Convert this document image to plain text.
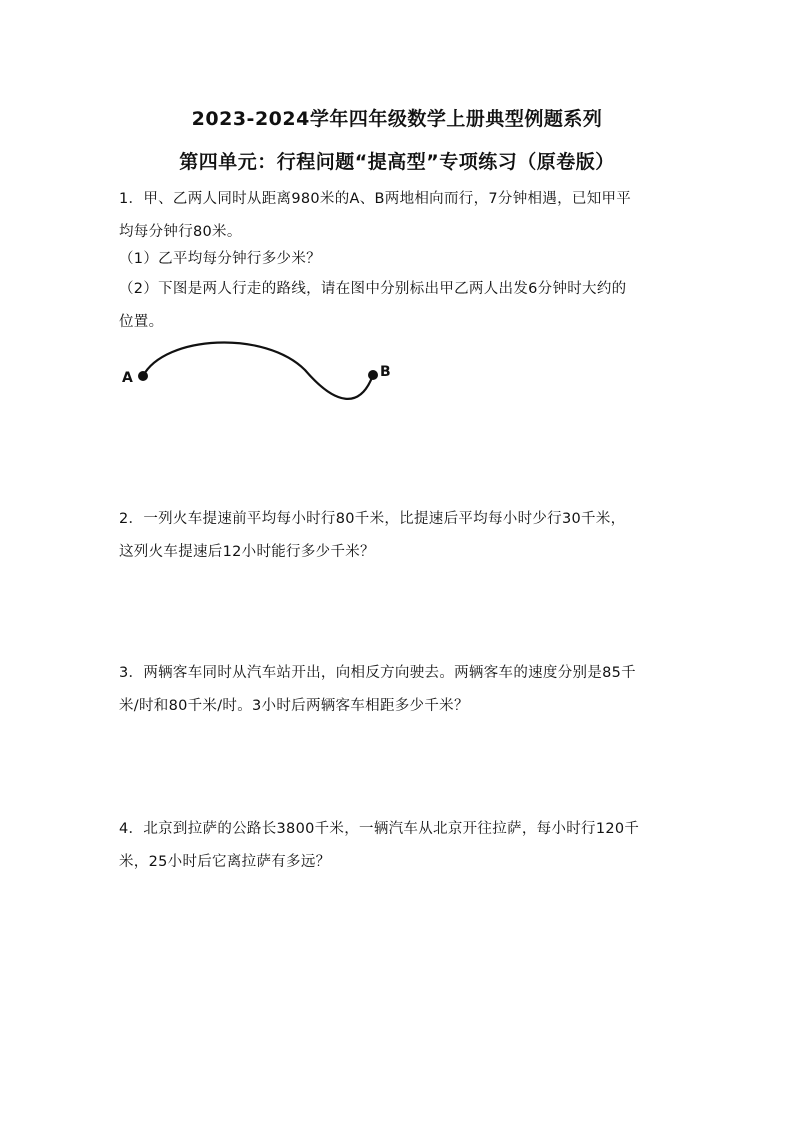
2023-2024学年四年级数学上册典型例题系列
第四单元：行程问题“提高型”专项练习（原卷版）
1．甲、乙两人同时从距离980米的A、B两地相向而行，7分钟相遇，已知甲平
均每分钟行80米。
（1）乙平均每分钟行多少米？
（2）下图是两人行走的路线，请在图中分别标出甲乙两人出发6分钟时大约的
位置。
A	B
2．一列火车提速前平均每小时行80千米，比提速后平均每小时少行30千米，
这列火车提速后12小时能行多少千米？
3．两辆客车同时从汽车站开出，向相反方向驶去。两辆客车的速度分别是85千
米/时和80千米/时。3小时后两辆客车相距多少千米？
4．北京到拉萨的公路长3800千米，一辆汽车从北京开往拉萨，每小时行120千
米，25小时后它离拉萨有多远？
